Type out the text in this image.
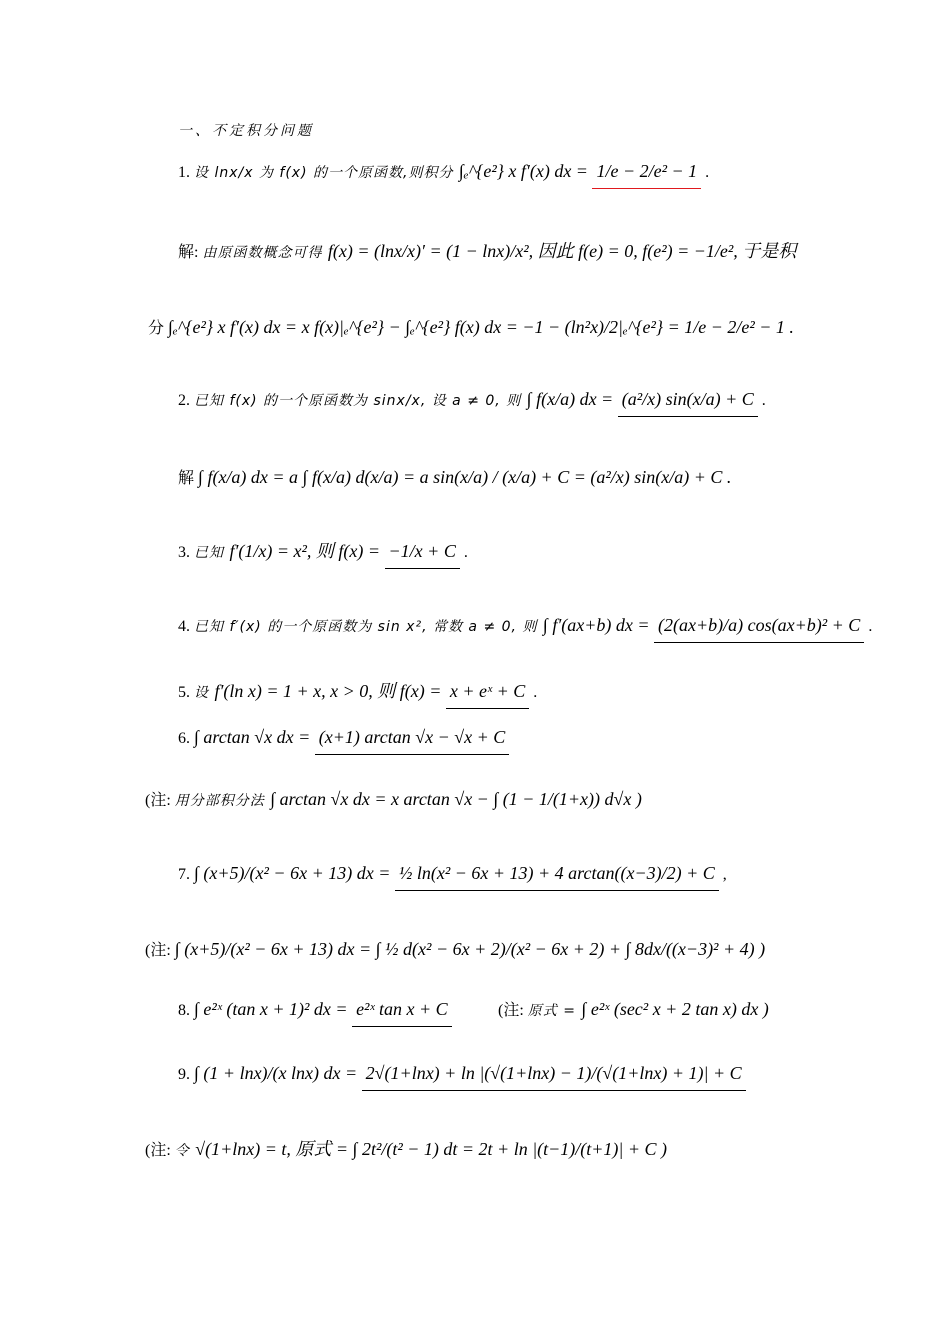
一、不定积分问题
1. 设 lnx/x 为 f(x) 的一个原函数,则积分 ∫ₑ^{e²} x f′(x) dx = 1/e − 2/e² − 1 .
解: 由原函数概念可得 f(x) = (lnx/x)′ = (1 − lnx)/x², 因此 f(e) = 0, f(e²) = −1/e², 于是积
分 ∫ₑ^{e²} x f′(x) dx = x f(x)|ₑ^{e²} − ∫ₑ^{e²} f(x) dx = −1 − (ln²x)/2|ₑ^{e²} = 1/e − 2/e² − 1 .
2. 已知 f(x) 的一个原函数为 sinx/x, 设 a ≠ 0, 则 ∫ f(x/a) dx = (a²/x) sin(x/a) + C .
解 ∫ f(x/a) dx = a ∫ f(x/a) d(x/a) = a sin(x/a) / (x/a) + C = (a²/x) sin(x/a) + C .
3. 已知 f′(1/x) = x², 则 f(x) = −1/x + C .
4. 已知 f′(x) 的一个原函数为 sin x², 常数 a ≠ 0, 则 ∫ f′(ax+b) dx = (2(ax+b)/a) cos(ax+b)² + C .
5. 设 f′(ln x) = 1 + x, x > 0, 则 f(x) = x + eˣ + C .
6. ∫ arctan √x dx = (x+1) arctan √x − √x + C
(注: 用分部积分法 ∫ arctan √x dx = x arctan √x − ∫ (1 − 1/(1+x)) d√x )
7. ∫ (x+5)/(x² − 6x + 13) dx = ½ ln(x² − 6x + 13) + 4 arctan((x−3)/2) + C ,
(注: ∫ (x+5)/(x² − 6x + 13) dx = ∫ ½ d(x² − 6x + 2)/(x² − 6x + 2) + ∫ 8dx/((x−3)² + 4) )
8. ∫ e²ˣ (tan x + 1)² dx = e²ˣ tan x + C	(注: 原式 = ∫ e²ˣ (sec² x + 2 tan x) dx )
9. ∫ (1 + lnx)/(x lnx) dx = 2√(1+lnx) + ln |(√(1+lnx) − 1)/(√(1+lnx) + 1)| + C
(注: 令 √(1+lnx) = t, 原式 = ∫ 2t²/(t² − 1) dt = 2t + ln |(t−1)/(t+1)| + C )
